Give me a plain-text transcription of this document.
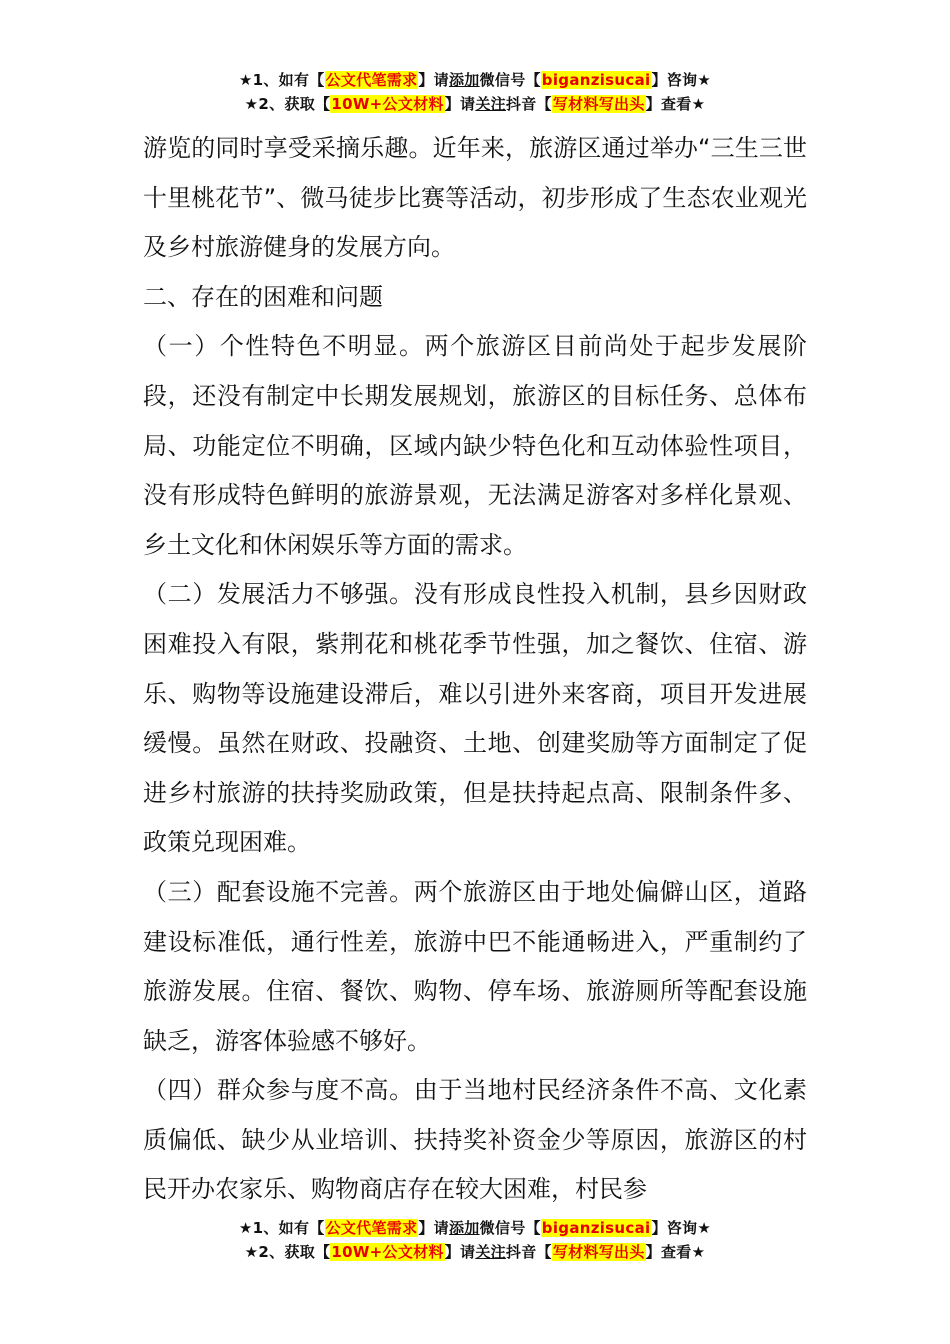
★1、如有【公文代笔需求】请添加微信号【biganzisucai】咨询★
★2、获取【10W+公文材料】请关注抖音【写材料写出头】查看★

游览的同时享受采摘乐趣。近年来，旅游区通过举办“三生三世十里桃花节”、微马徒步比赛等活动，初步形成了生态农业观光及乡村旅游健身的发展方向。

二、存在的困难和问题

（一）个性特色不明显。两个旅游区目前尚处于起步发展阶段，还没有制定中长期发展规划，旅游区的目标任务、总体布局、功能定位不明确，区域内缺少特色化和互动体验性项目，没有形成特色鲜明的旅游景观，无法满足游客对多样化景观、乡土文化和休闲娱乐等方面的需求。

（二）发展活力不够强。没有形成良性投入机制，县乡因财政困难投入有限，紫荆花和桃花季节性强，加之餐饮、住宿、游乐、购物等设施建设滞后，难以引进外来客商，项目开发进展缓慢。虽然在财政、投融资、土地、创建奖励等方面制定了促进乡村旅游的扶持奖励政策，但是扶持起点高、限制条件多、政策兑现困难。

（三）配套设施不完善。两个旅游区由于地处偏僻山区，道路建设标准低，通行性差，旅游中巴不能通畅进入，严重制约了旅游发展。住宿、餐饮、购物、停车场、旅游厕所等配套设施缺乏，游客体验感不够好。

（四）群众参与度不高。由于当地村民经济条件不高、文化素质偏低、缺少从业培训、扶持奖补资金少等原因，旅游区的村民开办农家乐、购物商店存在较大困难，村民参

★1、如有【公文代笔需求】请添加微信号【biganzisucai】咨询★
★2、获取【10W+公文材料】请关注抖音【写材料写出头】查看★
